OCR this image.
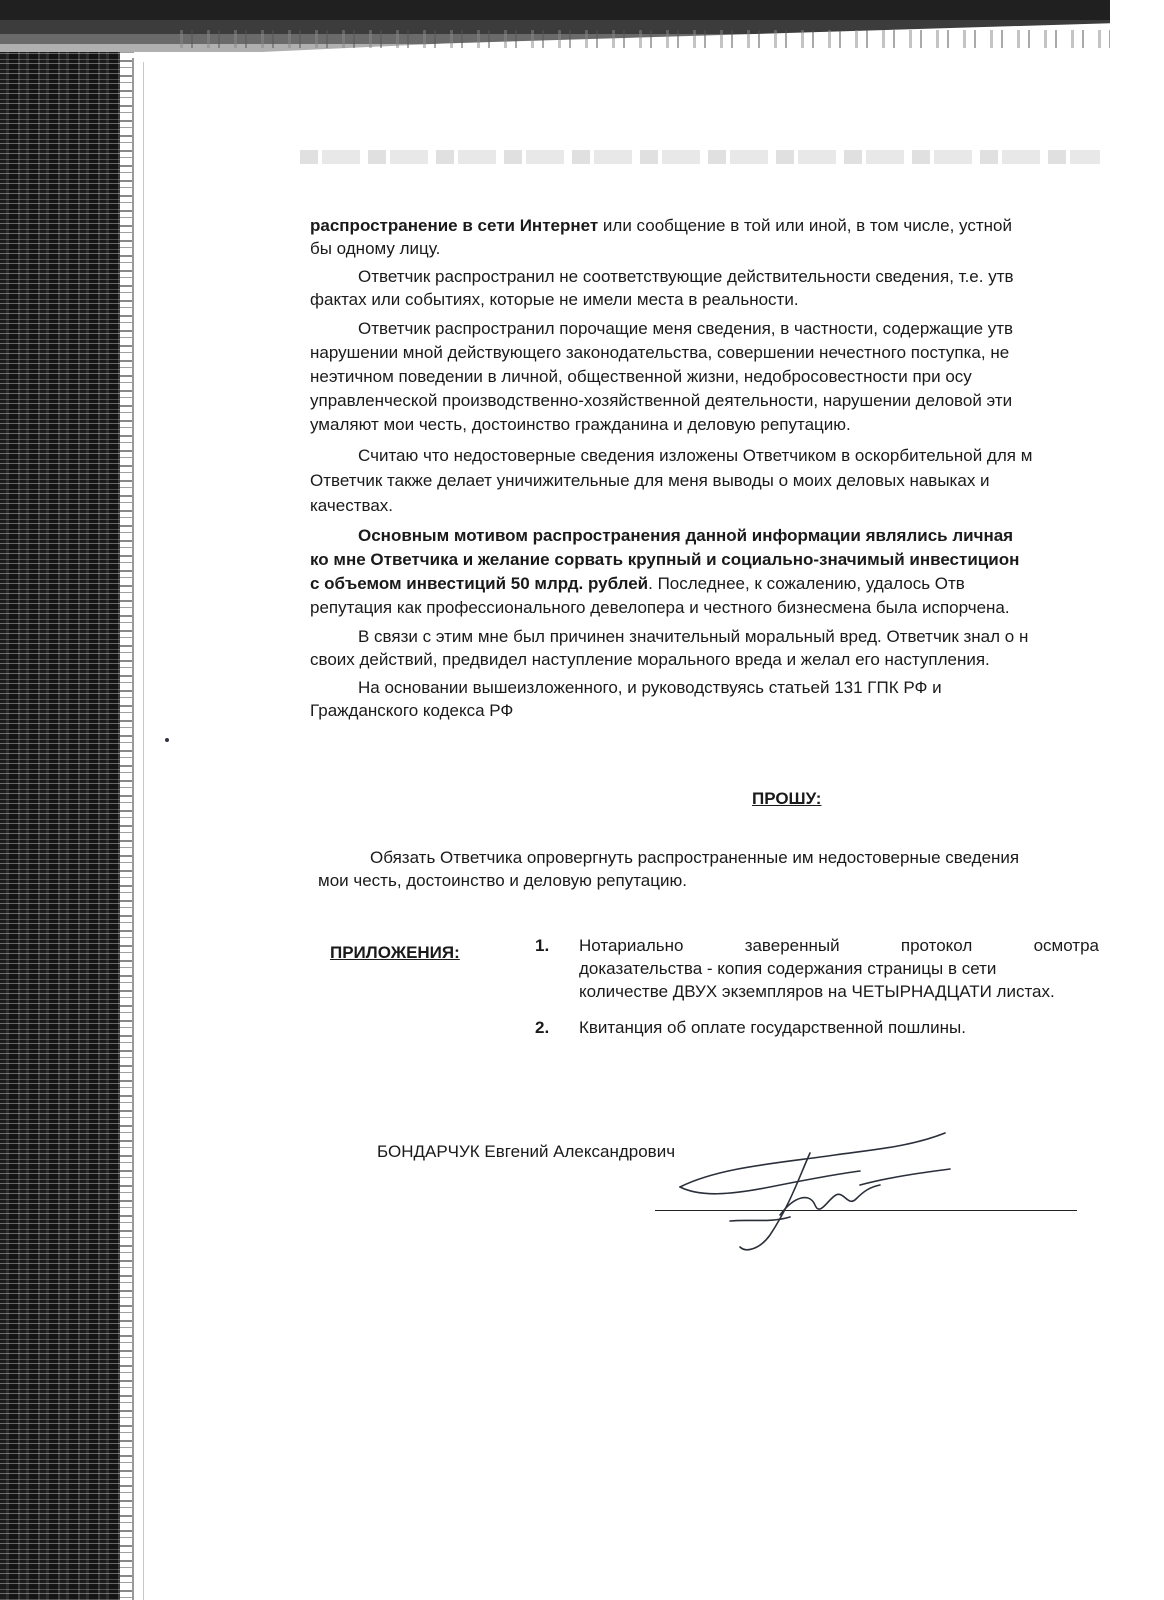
распространение в сети Интернет или сообщение в той или иной, в том числе, устной
бы одному лицу.

Ответчик распространил не соответствующие действительности сведения, т.е. утв
фактах или событиях, которые не имели места в реальности.

Ответчик распространил порочащие меня сведения, в частности, содержащие утв
нарушении мной действующего законодательства, совершении нечестного поступка, не
неэтичном поведении в личной, общественной жизни, недобросовестности при осу
управленческой производственно-хозяйственной деятельности, нарушении деловой эти
умаляют мои честь, достоинство гражданина и деловую репутацию.

Считаю что недостоверные сведения изложены Ответчиком в оскорбительной для м
Ответчик также делает уничижительные для меня выводы о моих деловых навыках и
качествах.

Основным мотивом распространения данной информации являлись личная
ко мне Ответчика и желание сорвать крупный и социально-значимый инвестицион
с объемом инвестиций 50 млрд. рублей. Последнее, к сожалению, удалось Отв
репутация как профессионального девелопера и честного бизнесмена была испорчена.

В связи с этим мне был причинен значительный моральный вред. Ответчик знал о н
своих действий, предвидел наступление морального вреда и желал его наступления.

На основании вышеизложенного, и руководствуясь статьей 131 ГПК РФ и
Гражданского кодекса РФ

ПРОШУ:
Обязать Ответчика опровергнуть распространенные им недостоверные сведения
мои честь, достоинство и деловую репутацию.
ПРИЛОЖЕНИЯ:	1. Нотариально	заверенный	протокол	осмотра
доказательства - копия содержания страницы в сети
количестве ДВУХ экземпляров на ЧЕТЫРНАДЦАТИ листах.
2. Квитанция об оплате государственной пошлины.
БОНДАРЧУК Евгений Александрович
